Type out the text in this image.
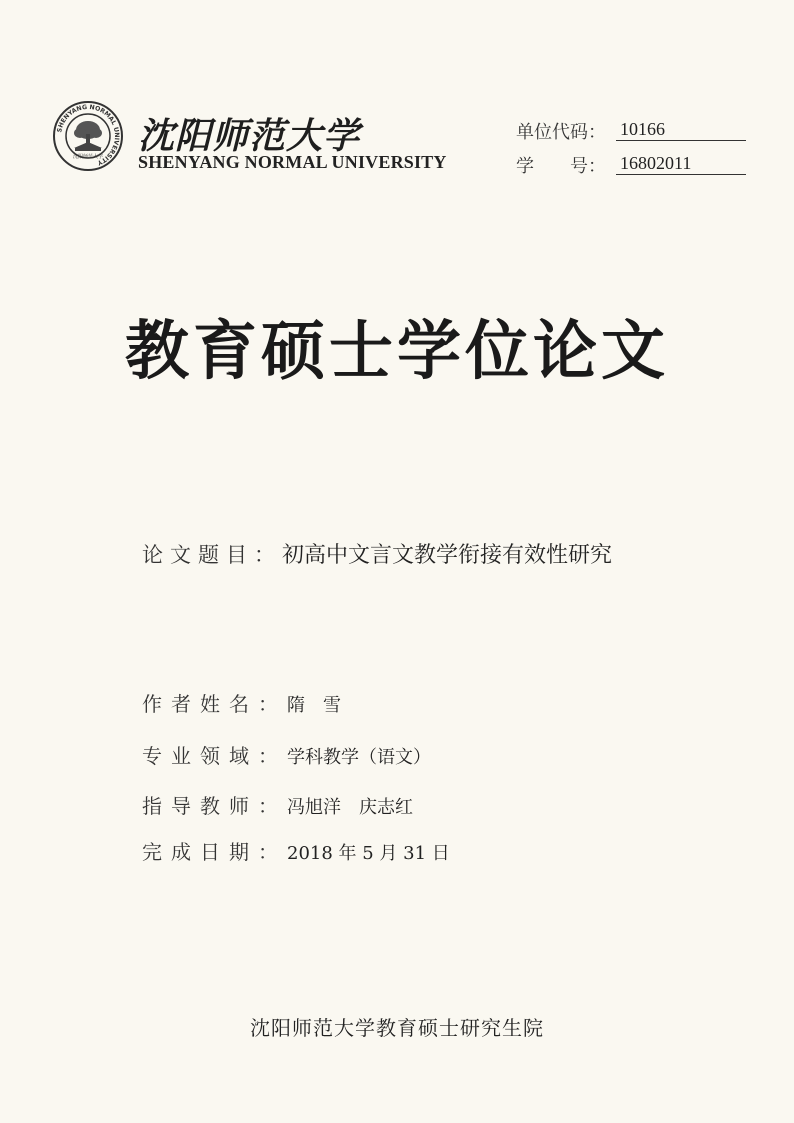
SHENYANG NORMAL UNIVERSITY
沈阳师范大学 沈阳师范大学
SHENYANG NORMAL UNIVERSITY
单位代码： 10166
学　　号： 16802011
教育硕士学位论文
论文题目：初高中文言文教学衔接有效性研究
作者姓名：隋　雪
专业领域：学科教学（语文）
指导教师：冯旭洋　庆志红
完成日期：2018 年 5 月 31 日
沈阳师范大学教育硕士研究生院
